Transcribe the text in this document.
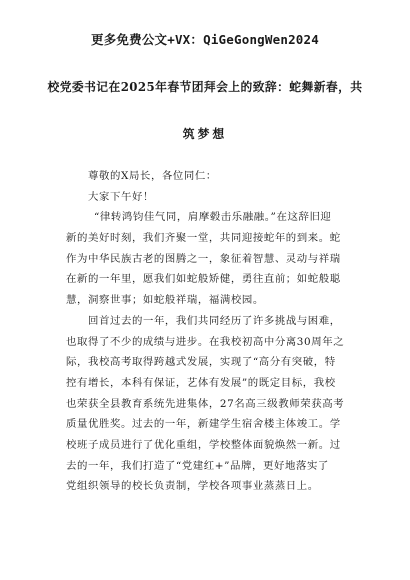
更多免费公文+VX：QiGeGongWen2024
校党委书记在2025年春节团拜会上的致辞：蛇舞新春，共
筑梦想
尊敬的X局长，各位同仁：
大家下午好！
“律转鸿钧佳气同，肩摩毂击乐融融。”在这辞旧迎
新的美好时刻，我们齐聚一堂，共同迎接蛇年的到来。蛇
作为中华民族古老的图腾之一，象征着智慧、灵动与祥瑞
在新的一年里，愿我们如蛇般矫健，勇往直前；如蛇般聪
慧，洞察世事；如蛇般祥瑞，福满校园。
回首过去的一年，我们共同经历了许多挑战与困难，
也取得了不少的成绩与进步。在我校初高中分离30周年之
际，我校高考取得跨越式发展，实现了“高分有突破，特
控有增长，本科有保证，艺体有发展”的既定目标，我校
也荣获全县教育系统先进集体，27名高三级教师荣获高考
质量优胜奖。过去的一年，新建学生宿舍楼主体竣工。学
校班子成员进行了优化重组，学校整体面貌焕然一新。过
去的一年，我们打造了“党建红+”品牌，更好地落实了
党组织领导的校长负责制，学校各项事业蒸蒸日上。
